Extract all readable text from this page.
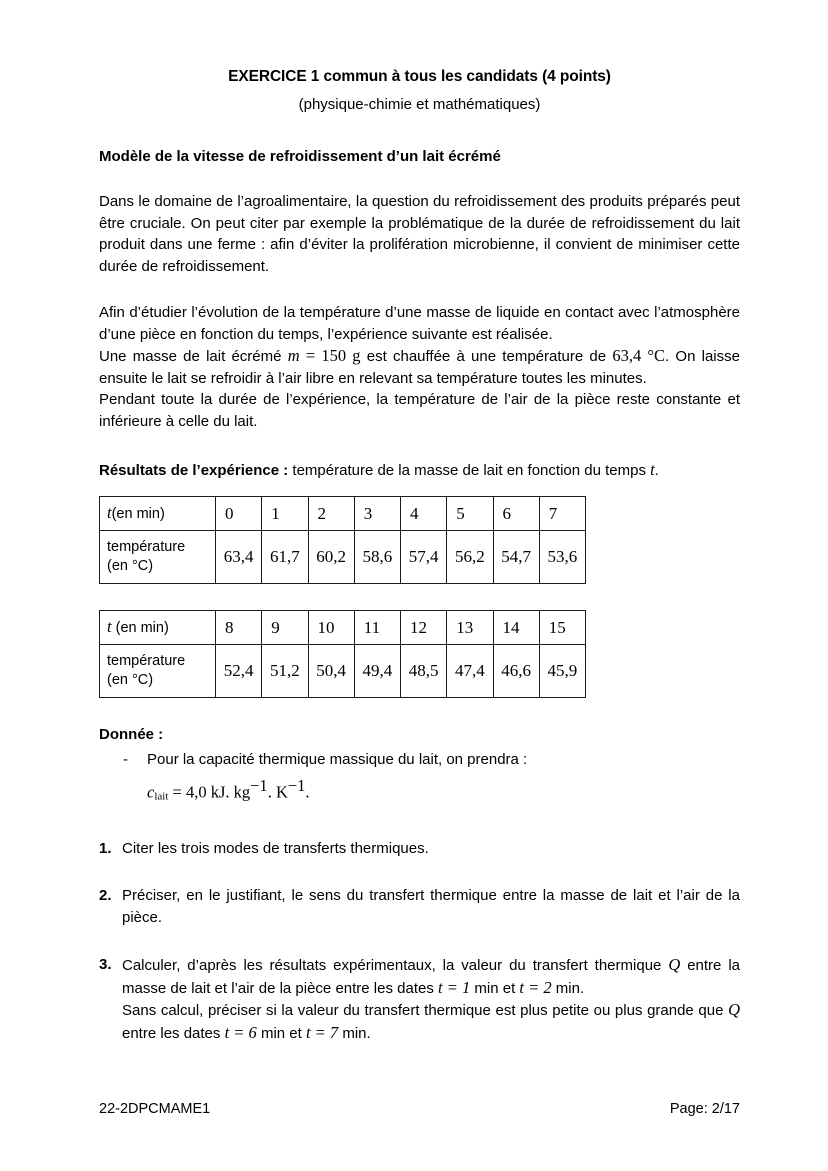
EXERCICE 1 commun à tous les candidats (4 points)
(physique-chimie et mathématiques)
Modèle de la vitesse de refroidissement d’un lait écrémé
Dans le domaine de l’agroalimentaire, la question du refroidissement des produits préparés peut être cruciale. On peut citer par exemple la problématique de la durée de refroidissement du lait produit dans une ferme : afin d’éviter la prolifération microbienne, il convient de minimiser cette durée de refroidissement.
Afin d’étudier l’évolution de la température d’une masse de liquide en contact avec l’atmosphère d’une pièce en fonction du temps, l’expérience suivante est réalisée.
Une masse de lait écrémé m = 150 g est chauffée à une température de 63,4 °C. On laisse ensuite le lait se refroidir à l’air libre en relevant sa température toutes les minutes.
Pendant toute la durée de l’expérience, la température de l’air de la pièce reste constante et inférieure à celle du lait.
Résultats de l’expérience : température de la masse de lait en fonction du temps t.
t(en min)	0	1	2	3	4	5	6	7
température
(en °C)	63,4	61,7	60,2	58,6	57,4	56,2	54,7	53,6
t (en min)	8	9	10	11	12	13	14	15
température
(en °C)	52,4	51,2	50,4	49,4	48,5	47,4	46,6	45,9
Donnée :
- Pour la capacité thermique massique du lait, on prendra :
clait = 4,0 kJ. $kg^{-1}$. $K^{-1}$.
1. Citer les trois modes de transferts thermiques.
2. Préciser, en le justifiant, le sens du transfert thermique entre la masse de lait et l’air de la pièce.
3. Calculer, d’après les résultats expérimentaux, la valeur du transfert thermique Q entre la masse de lait et l’air de la pièce entre les dates t = 1 min et t = 2 min.
Sans calcul, préciser si la valeur du transfert thermique est plus petite ou plus grande que Q entre les dates t = 6 min et t = 7 min.
22-2DPCMAME1	Page: 2/17
